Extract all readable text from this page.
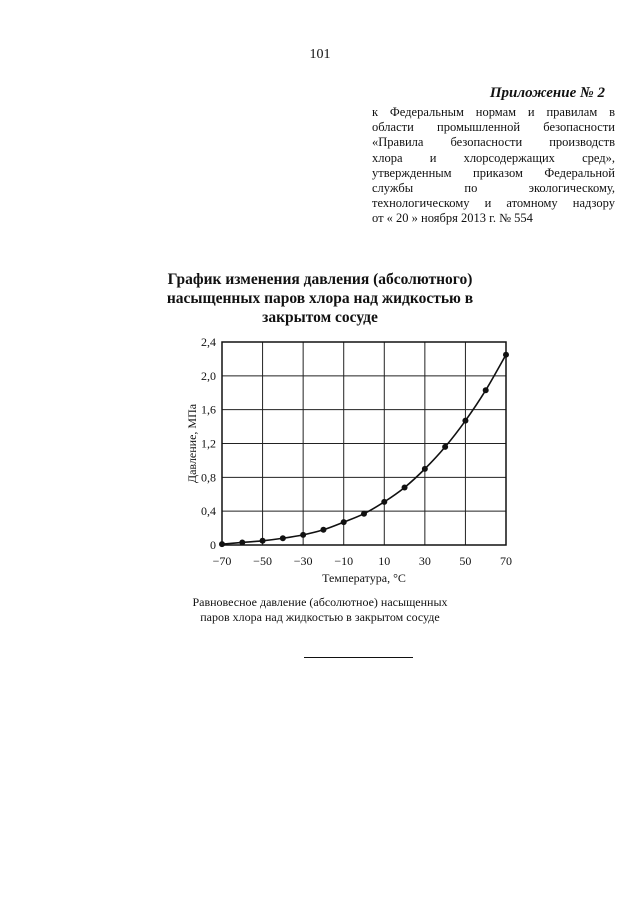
101
Приложение № 2
к Федеральным нормам и правилам в
области промышленной безопасности
«Правила безопасности производств
хлора и хлорсодержащих сред»,
утвержденным приказом Федеральной
службы по экологическому,
технологическому и атомному надзору
от « 20 » ноября 2013 г. № 554
График изменения давления (абсолютного) насыщенных паров хлора над жидкостью в закрытом сосуде
−70 −50 −30 −10 10 30 50 70
0
0,4
0,8
1,2
1,6
2,0
2,4
Температура, °С
Давление, МПа
Равновесное давление (абсолютное) насыщенных
паров хлора над жидкостью в закрытом сосуде
